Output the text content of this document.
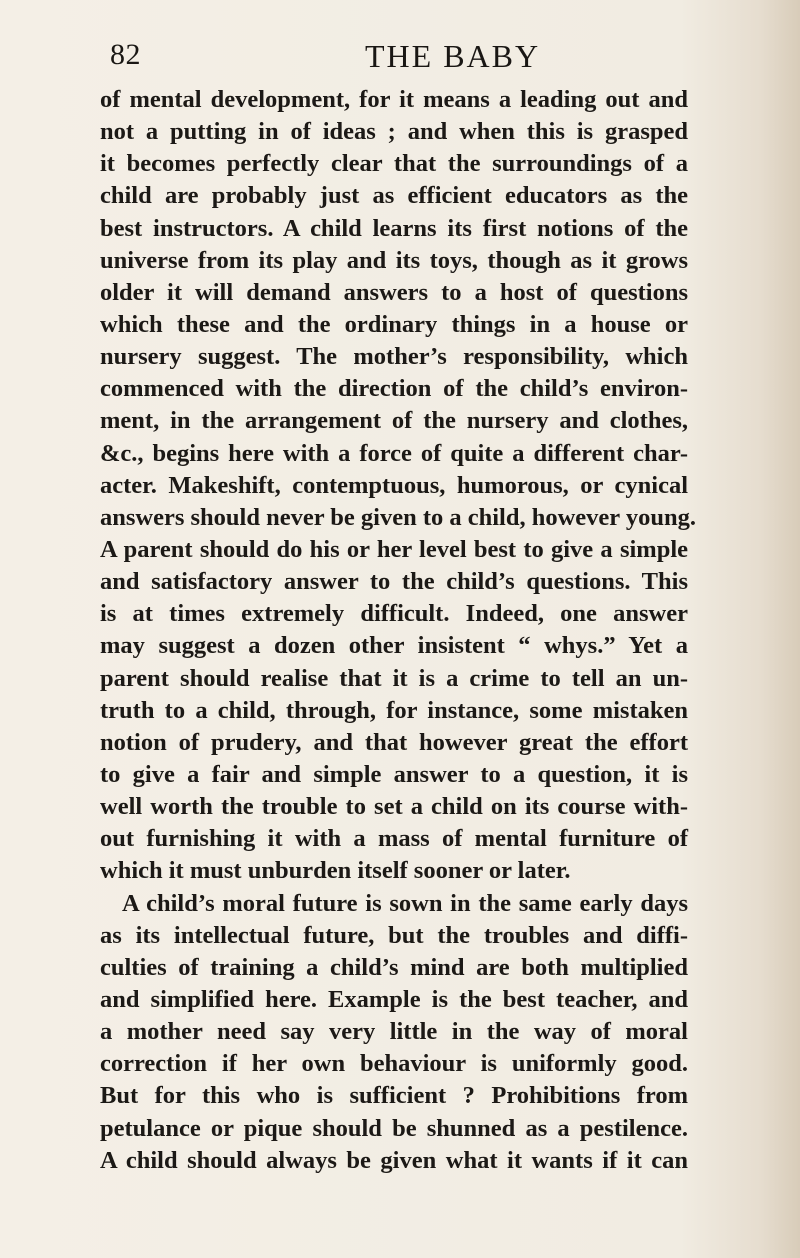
82	THE BABY
of mental development, for it means a leading out and
not a putting in of ideas ; and when this is grasped
it becomes perfectly clear that the surroundings of a
child are probably just as efficient educators as the
best instructors. A child learns its first notions of the
universe from its play and its toys, though as it grows
older it will demand answers to a host of questions
which these and the ordinary things in a house or
nursery suggest. The mother’s responsibility, which
commenced with the direction of the child’s environ-
ment, in the arrangement of the nursery and clothes,
&c., begins here with a force of quite a different char-
acter. Makeshift, contemptuous, humorous, or cynical
answers should never be given to a child, however young.
A parent should do his or her level best to give a simple
and satisfactory answer to the child’s questions. This
is at times extremely difficult. Indeed, one answer
may suggest a dozen other insistent “ whys.” Yet a
parent should realise that it is a crime to tell an un-
truth to a child, through, for instance, some mistaken
notion of prudery, and that however great the effort
to give a fair and simple answer to a question, it is
well worth the trouble to set a child on its course with-
out furnishing it with a mass of mental furniture of
which it must unburden itself sooner or later.
A child’s moral future is sown in the same early days
as its intellectual future, but the troubles and diffi-
culties of training a child’s mind are both multiplied
and simplified here. Example is the best teacher, and
a mother need say very little in the way of moral
correction if her own behaviour is uniformly good.
But for this who is sufficient ? Prohibitions from
petulance or pique should be shunned as a pestilence.
A child should always be given what it wants if it can
